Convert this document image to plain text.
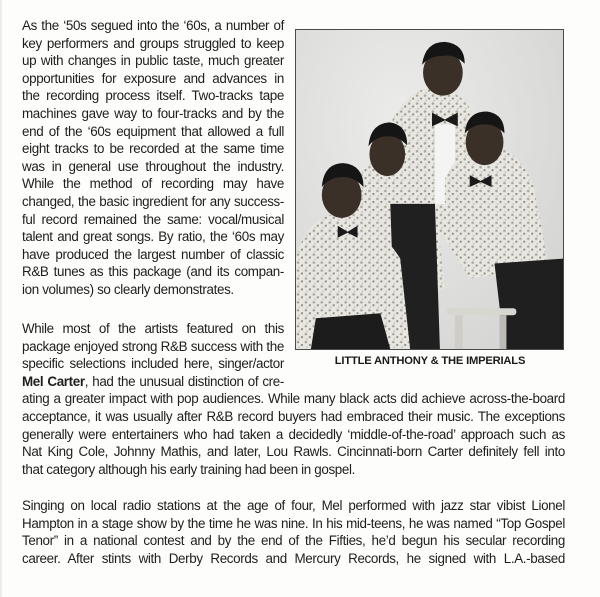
As the ‘50s segued into the ‘60s, a number of
key performers and groups struggled to keep
up with changes in public taste, much greater
opportunities for exposure and advances in
the recording process itself. Two-tracks tape
machines gave way to four-tracks and by the
end of the ‘60s equipment that allowed a full
eight tracks to be recorded at the same time
was in general use throughout the industry.
While the method of recording may have
changed, the basic ingredient for any success-
ful record remained the same: vocal/musical
talent and great songs. By ratio, the ‘60s may
have produced the largest number of classic
R&B tunes as this package (and its compan-
ion volumes) so clearly demonstrates.
While most of the artists featured on this
package enjoyed strong R&B success with the
specific selections included here, singer/actor
Mel Carter, had the unusual distinction of cre-
ating a greater impact with pop audiences. While many black acts did achieve across-the-board
acceptance, it was usually after R&B record buyers had embraced their music. The exceptions
generally were entertainers who had taken a decidedly ‘middle-of-the-road’ approach such as
Nat King Cole, Johnny Mathis, and later, Lou Rawls. Cincinnati-born Carter definitely fell into
that category although his early training had been in gospel.
Singing on local radio stations at the age of four, Mel performed with jazz star vibist Lionel
Hampton in a stage show by the time he was nine. In his mid-teens, he was named “Top Gospel
Tenor” in a national contest and by the end of the Fifties, he’d begun his secular recording
career. After stints with Derby Records and Mercury Records, he signed with L.A.-based
LITTLE ANTHONY & THE IMPERIALS
